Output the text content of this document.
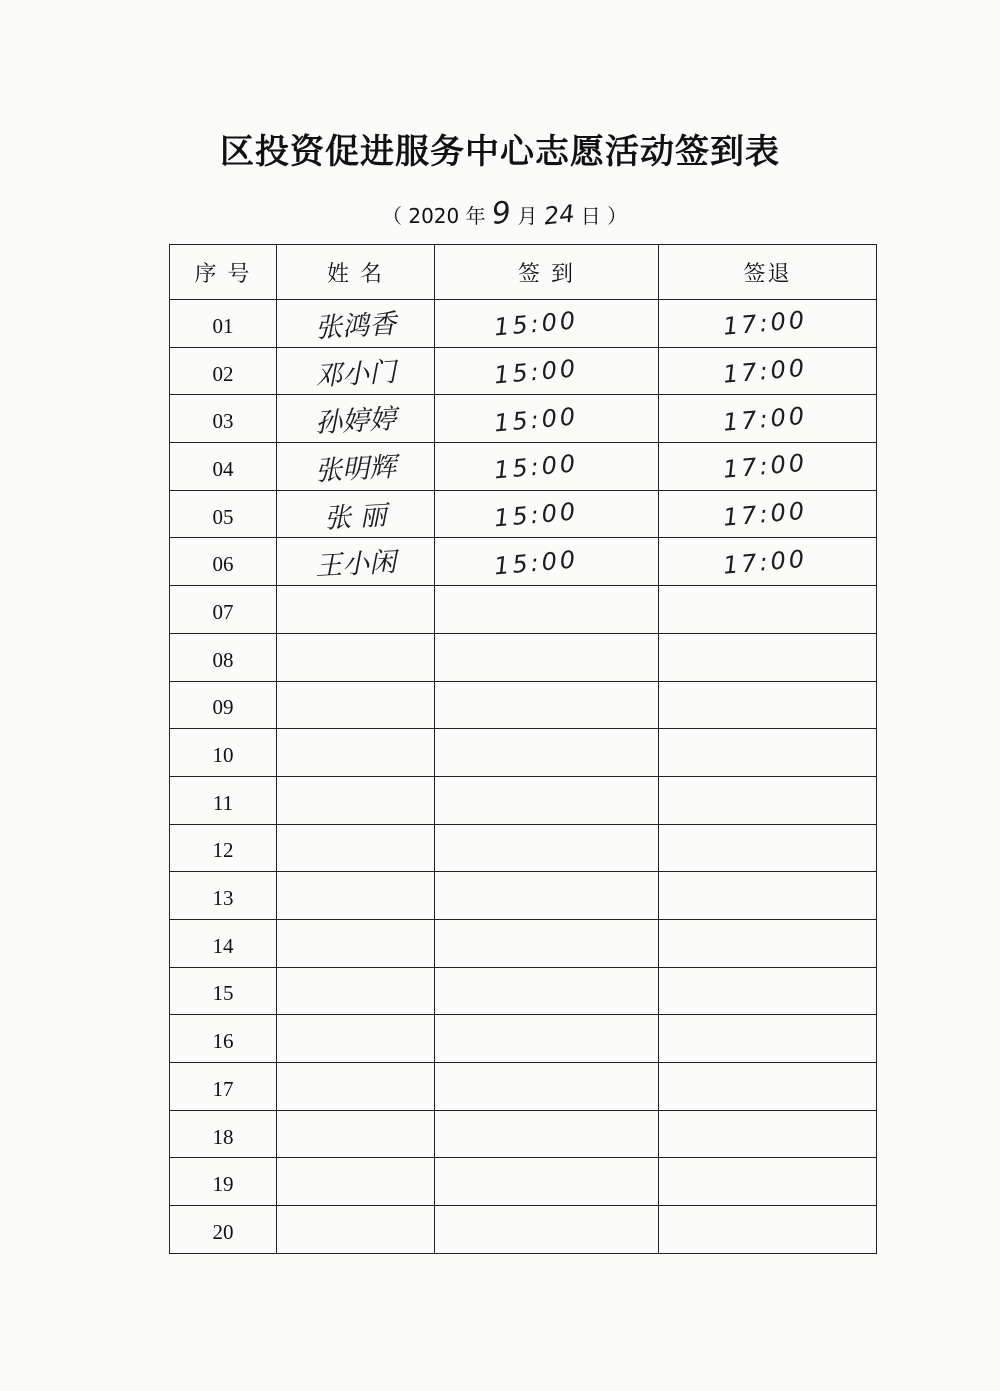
区投资促进服务中心志愿活动签到表
（ 2020 年 9 月 24 日 ）
序 号	姓 名	签 到	签退
01	张鸿香	15:00	17:00
02	邓小门	15:00	17:00
03	孙婷婷	15:00	17:00
04	张明辉	15:00	17:00
05	张 丽	15:00	17:00
06	王小闲	15:00	17:00
07			
08			
09			
10			
11			
12			
13			
14			
15			
16			
17			
18			
19			
20			
